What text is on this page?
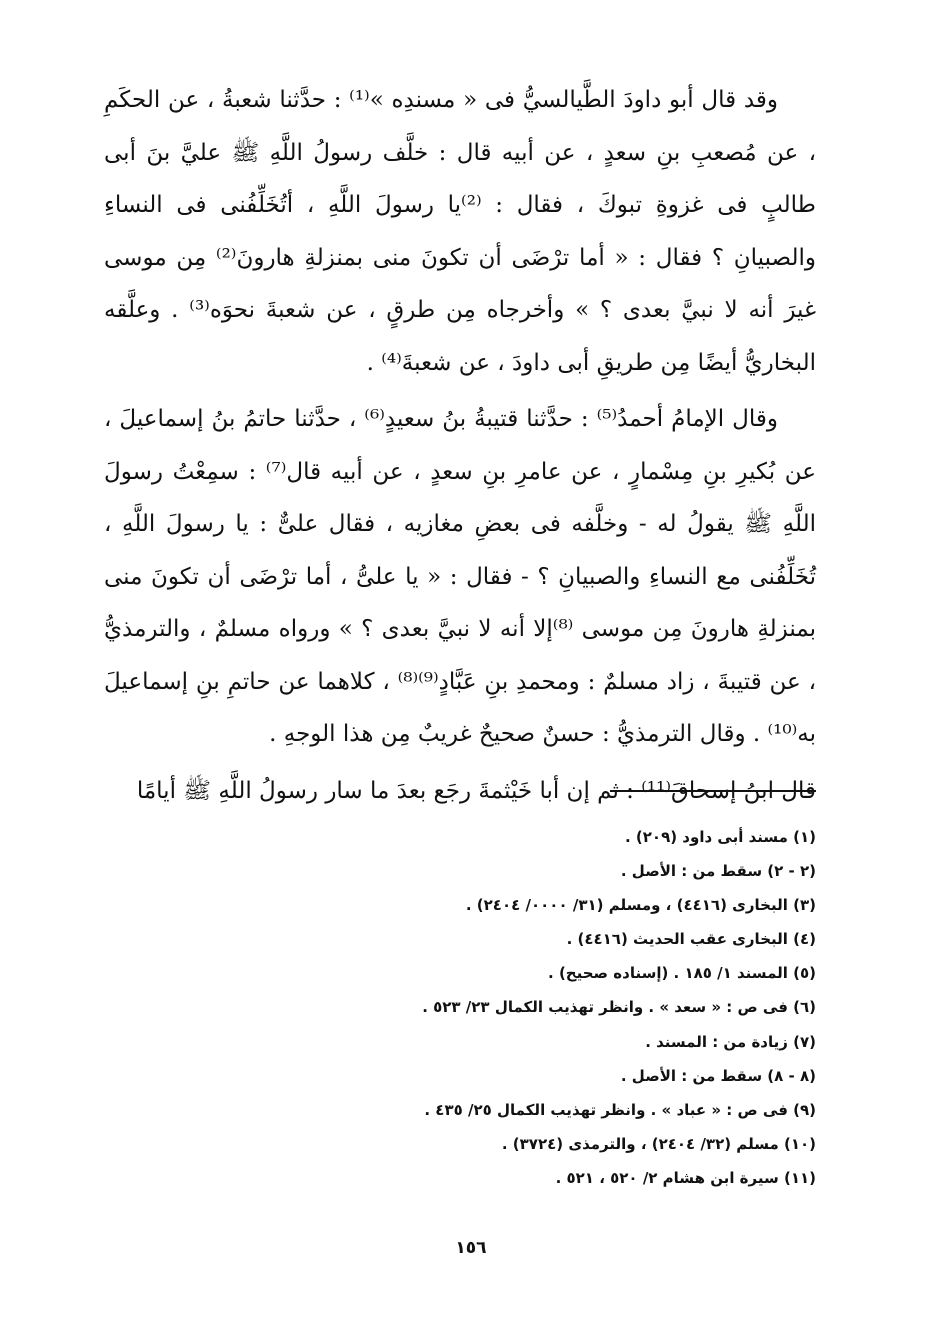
وقد قال أبو داودَ الطَّيالسيُّ فى « مسندِه »⁽¹⁾ : حدَّثنا شعبةُ ، عن الحكَمِ ، عن مُصعبِ بنِ سعدٍ ، عن أبيه قال : خلَّف رسولُ اللَّهِ ﷺ عليَّ بنَ أبى طالبٍ فى غزوةِ تبوكَ ، فقال : ⁽²⁾يا رسولَ اللَّهِ ، أتُخَلِّفُنى فى النساءِ والصبيانِ ؟ فقال : « أما ترْضَى أن تكونَ منى بمنزلةِ هارونَ⁽²⁾ مِن موسى غيرَ أنه لا نبيَّ بعدى ؟ » وأخرجاه مِن طرقٍ ، عن شعبةَ نحوَه⁽³⁾ . وعلَّقه البخاريُّ أيضًا مِن طريقِ أبى داودَ ، عن شعبةَ⁽⁴⁾ .

وقال الإمامُ أحمدُ⁽⁵⁾ : حدَّثنا قتيبةُ بنُ سعيدٍ⁽⁶⁾ ، حدَّثنا حاتمُ بنُ إسماعيلَ ، عن بُكيرِ بنِ مِسْمارٍ ، عن عامرِ بنِ سعدٍ ، عن أبيه قال⁽⁷⁾ : سمِعْتُ رسولَ اللَّهِ ﷺ يقولُ له - وخلَّفه فى بعضِ مغازيه ، فقال علىٌّ : يا رسولَ اللَّهِ ، تُخَلِّفُنى مع النساءِ والصبيانِ ؟ - فقال : « يا علىُّ ، أما ترْضَى أن تكونَ منى بمنزلةِ هارونَ مِن موسى ⁽⁸⁾إلا أنه لا نبيَّ بعدى ؟ » ورواه مسلمٌ ، والترمذيُّ ، عن قتيبةَ ، زاد مسلمٌ : ومحمدِ بنِ عَبَّادٍ⁽⁹⁾⁽⁸⁾ ، كلاهما عن حاتمِ بنِ إسماعيلَ به⁽¹⁰⁾ . وقال الترمذيُّ : حسنٌ صحيحٌ غريبٌ مِن هذا الوجهِ .

قال ابنُ إسحاقَ⁽¹¹⁾ : ثم إن أبا خَيْثمةَ رجَع بعدَ ما سار رسولُ اللَّهِ ﷺ أيامًا

(١) مسند أبى داود (٢٠٩) .

(٢ - ٢) سقط من : الأصل .

(٣) البخارى (٤٤١٦) ، ومسلم (٣١/ ٠٠٠٠/ ٢٤٠٤) .

(٤) البخارى عقب الحديث (٤٤١٦) .

(٥) المسند ١/ ١٨٥ . (إسناده صحيح) .

(٦) فى ص : « سعد » . وانظر تهذيب الكمال ٢٣/ ٥٢٣ .

(٧) زيادة من : المسند .

(٨ - ٨) سقط من : الأصل .

(٩) فى ص : « عباد » . وانظر تهذيب الكمال ٢٥/ ٤٣٥ .

(١٠) مسلم (٣٢/ ٢٤٠٤) ، والترمذى (٣٧٢٤) .

(١١) سيرة ابن هشام ٢/ ٥٢٠ ، ٥٢١ .

١٥٦
